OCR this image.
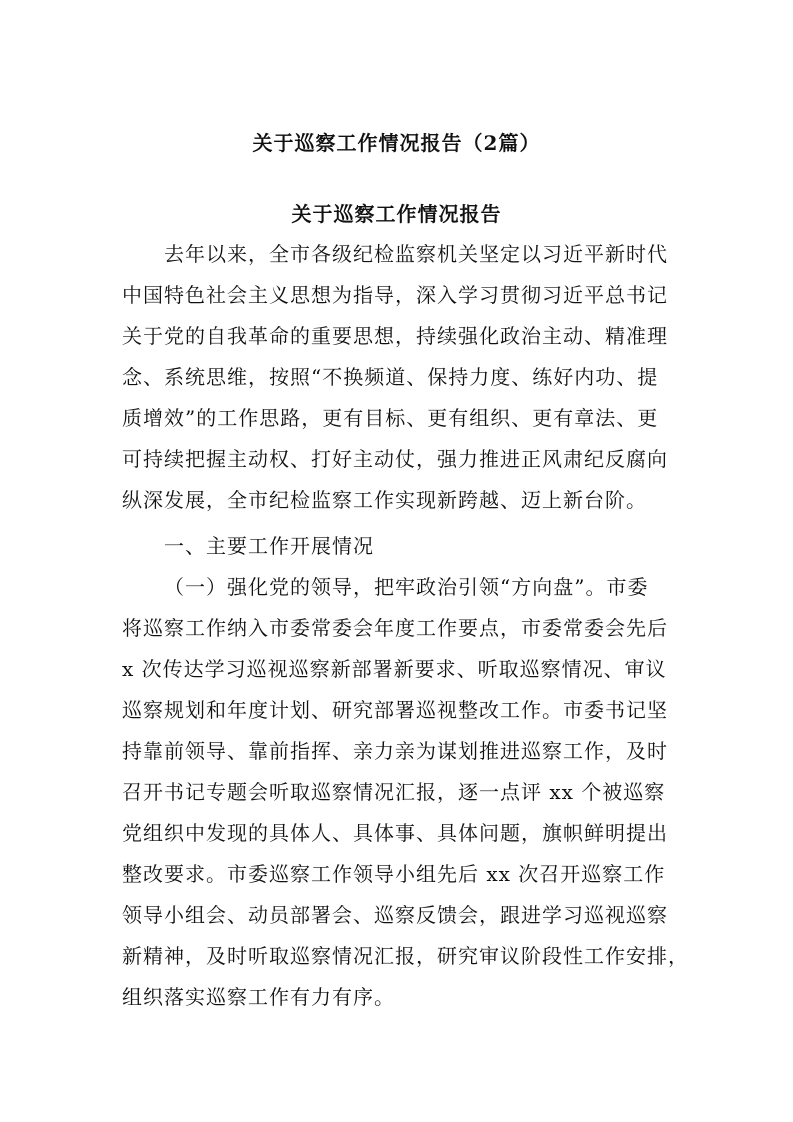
关于巡察工作情况报告（2篇）
关于巡察工作情况报告
去年以来，全市各级纪检监察机关坚定以习近平新时代
中国特色社会主义思想为指导，深入学习贯彻习近平总书记
关于党的自我革命的重要思想，持续强化政治主动、精准理
念、系统思维，按照“不换频道、保持力度、练好内功、提
质增效”的工作思路，更有目标、更有组织、更有章法、更
可持续把握主动权、打好主动仗，强力推进正风肃纪反腐向
纵深发展，全市纪检监察工作实现新跨越、迈上新台阶。
一、主要工作开展情况
（一）强化党的领导，把牢政治引领“方向盘”。市委
将巡察工作纳入市委常委会年度工作要点，市委常委会先后
x 次传达学习巡视巡察新部署新要求、听取巡察情况、审议
巡察规划和年度计划、研究部署巡视整改工作。市委书记坚
持靠前领导、靠前指挥、亲力亲为谋划推进巡察工作，及时
召开书记专题会听取巡察情况汇报，逐一点评 xx 个被巡察
党组织中发现的具体人、具体事、具体问题，旗帜鲜明提出
整改要求。市委巡察工作领导小组先后 xx 次召开巡察工作
领导小组会、动员部署会、巡察反馈会，跟进学习巡视巡察
新精神，及时听取巡察情况汇报，研究审议阶段性工作安排，
组织落实巡察工作有力有序。
